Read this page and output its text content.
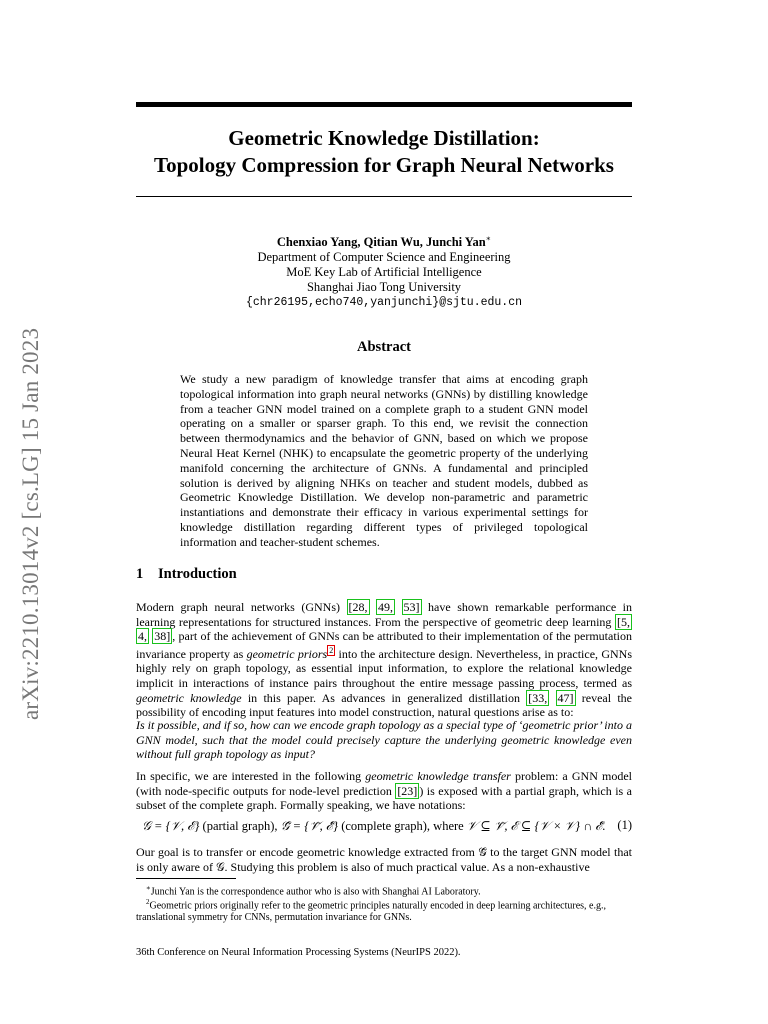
arXiv:2210.13014v2 [cs.LG] 15 Jan 2023
Geometric Knowledge Distillation:
Topology Compression for Graph Neural Networks
Chenxiao Yang, Qitian Wu, Junchi Yan∗
Department of Computer Science and Engineering
MoE Key Lab of Artificial Intelligence
Shanghai Jiao Tong University
{chr26195,echo740,yanjunchi}@sjtu.edu.cn
Abstract
We study a new paradigm of knowledge transfer that aims at encoding graph topological information into graph neural networks (GNNs) by distilling knowledge from a teacher GNN model trained on a complete graph to a student GNN model operating on a smaller or sparser graph. To this end, we revisit the connection between thermodynamics and the behavior of GNN, based on which we propose Neural Heat Kernel (NHK) to encapsulate the geometric property of the underlying manifold concerning the architecture of GNNs. A fundamental and principled solution is derived by aligning NHKs on teacher and student models, dubbed as Geometric Knowledge Distillation. We develop non-parametric and parametric instantiations and demonstrate their efficacy in various experimental settings for knowledge distillation regarding different types of privileged topological information and teacher-student schemes.
1 Introduction
Modern graph neural networks (GNNs) [28, 49, 53] have shown remarkable performance in learning representations for structured instances. From the perspective of geometric deep learning [5, 4, 38] , part of the achievement of GNNs can be attributed to their implementation of the permutation invariance property as geometric priors $^2$ into the architecture design. Nevertheless, in practice, GNNs highly rely on graph topology, as essential input information, to explore the relational knowledge implicit in interactions of instance pairs throughout the entire message passing process, termed as geometric knowledge in this paper. As advances in generalized distillation [33, 47] reveal the possibility of encoding input features into model construction, natural questions arise as to:
Is it possible, and if so, how can we encode graph topology as a special type of ‘geometric prior’ into a GNN model, such that the model could precisely capture the underlying geometric knowledge even without full graph topology as input?
In specific, we are interested in the following geometric knowledge transfer problem: a GNN model (with node-specific outputs for node-level prediction [23] ) is exposed with a partial graph, which is a subset of the complete graph. Formally speaking, we have notations:
𝒢 = {𝒱, ℰ} (partial graph), 𝒢̃ = {𝒱̃, ℰ̃} (complete graph), where 𝒱 ⊆ 𝒱̃, ℰ ⊆ {𝒱 × 𝒱} ∩ ℰ̃. (1)
Our goal is to transfer or encode geometric knowledge extracted from 𝒢̃ to the target GNN model that is only aware of 𝒢. Studying this problem is also of much practical value. As a non-exhaustive
∗Junchi Yan is the correspondence author who is also with Shanghai AI Laboratory.
$^2$Geometric priors originally refer to the geometric principles naturally encoded in deep learning architectures, e.g., translational symmetry for CNNs, permutation invariance for GNNs.
36th Conference on Neural Information Processing Systems (NeurIPS 2022).
